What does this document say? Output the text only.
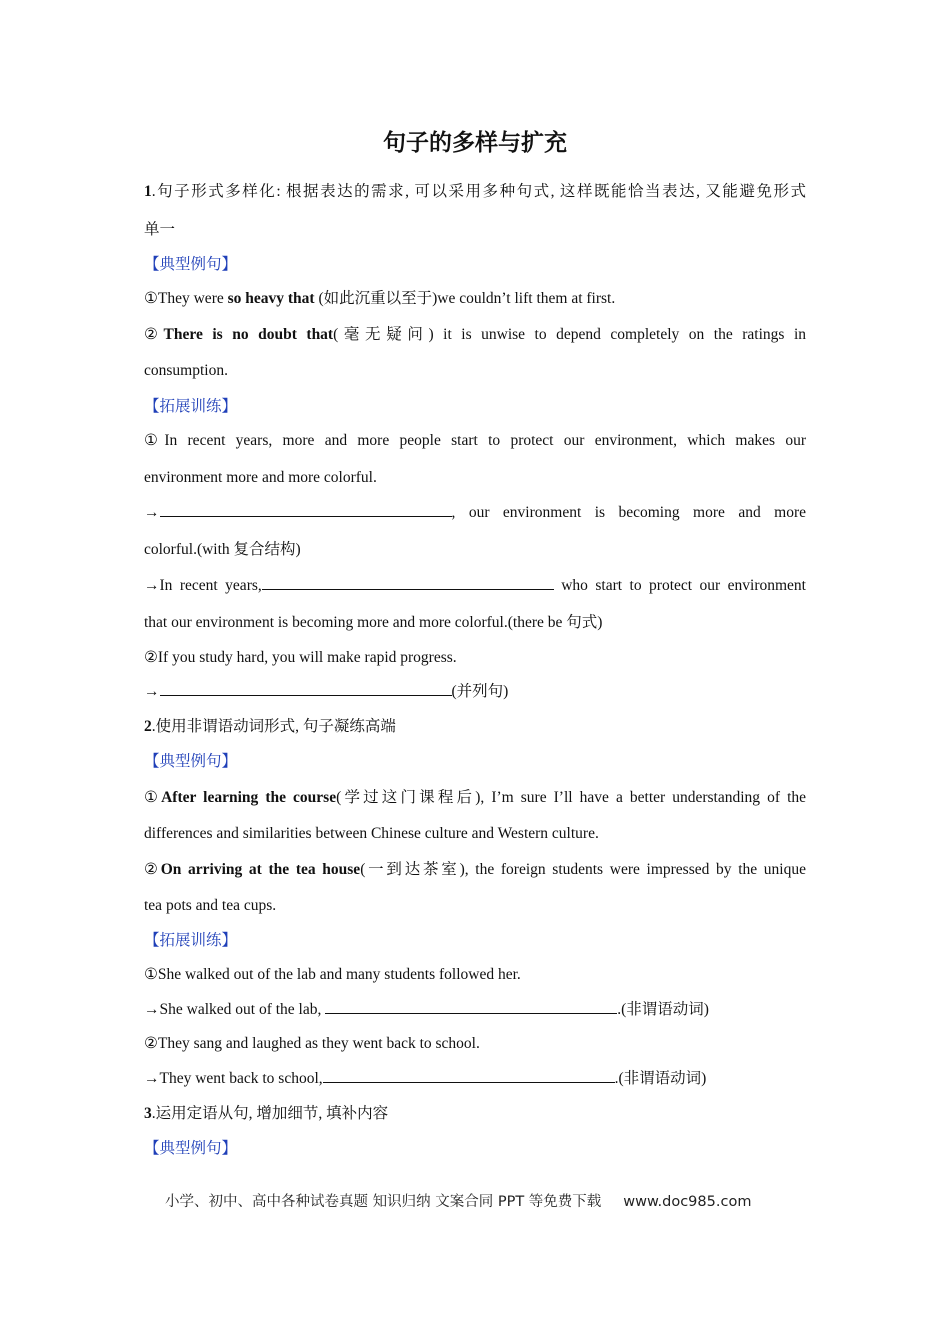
句子的多样与扩充
1.句子形式多样化: 根据表达的需求, 可以采用多种句式, 这样既能恰当表达, 又能避免形式
单一
【典型例句】
①They were so heavy that (如此沉重以至于)we couldn’t lift them at first.
②There is no doubt that(毫无疑问) it is unwise to depend completely on the ratings in
consumption.
【拓展训练】
①In recent years, more and more people start to protect our environment, which makes our
environment more and more colorful.
→	, our environment is becoming more and more
colorful.(with 复合结构)
→In recent years,	who start to protect our environment
that our environment is becoming more and more colorful.(there be 句式)
②If you study hard, you will make rapid progress.
→	(并列句)
2.使用非谓语动词形式, 句子凝练高端
【典型例句】
①After learning the course(学过这门课程后), I’m sure I’ll have a better understanding of the
differences and similarities between Chinese culture and Western culture.
②On arriving at the tea house(一到达茶室), the foreign students were impressed by the unique
tea pots and tea cups.
【拓展训练】
①She walked out of the lab and many students followed her.
→She walked out of the lab,	.(非谓语动词)
②They sang and laughed as they went back to school.
→They went back to school,	.(非谓语动词)
3.运用定语从句, 增加细节, 填补内容
【典型例句】
小学、初中、高中各种试卷真题 知识归纳 文案合同 PPT 等免费下载 www.doc985.com
